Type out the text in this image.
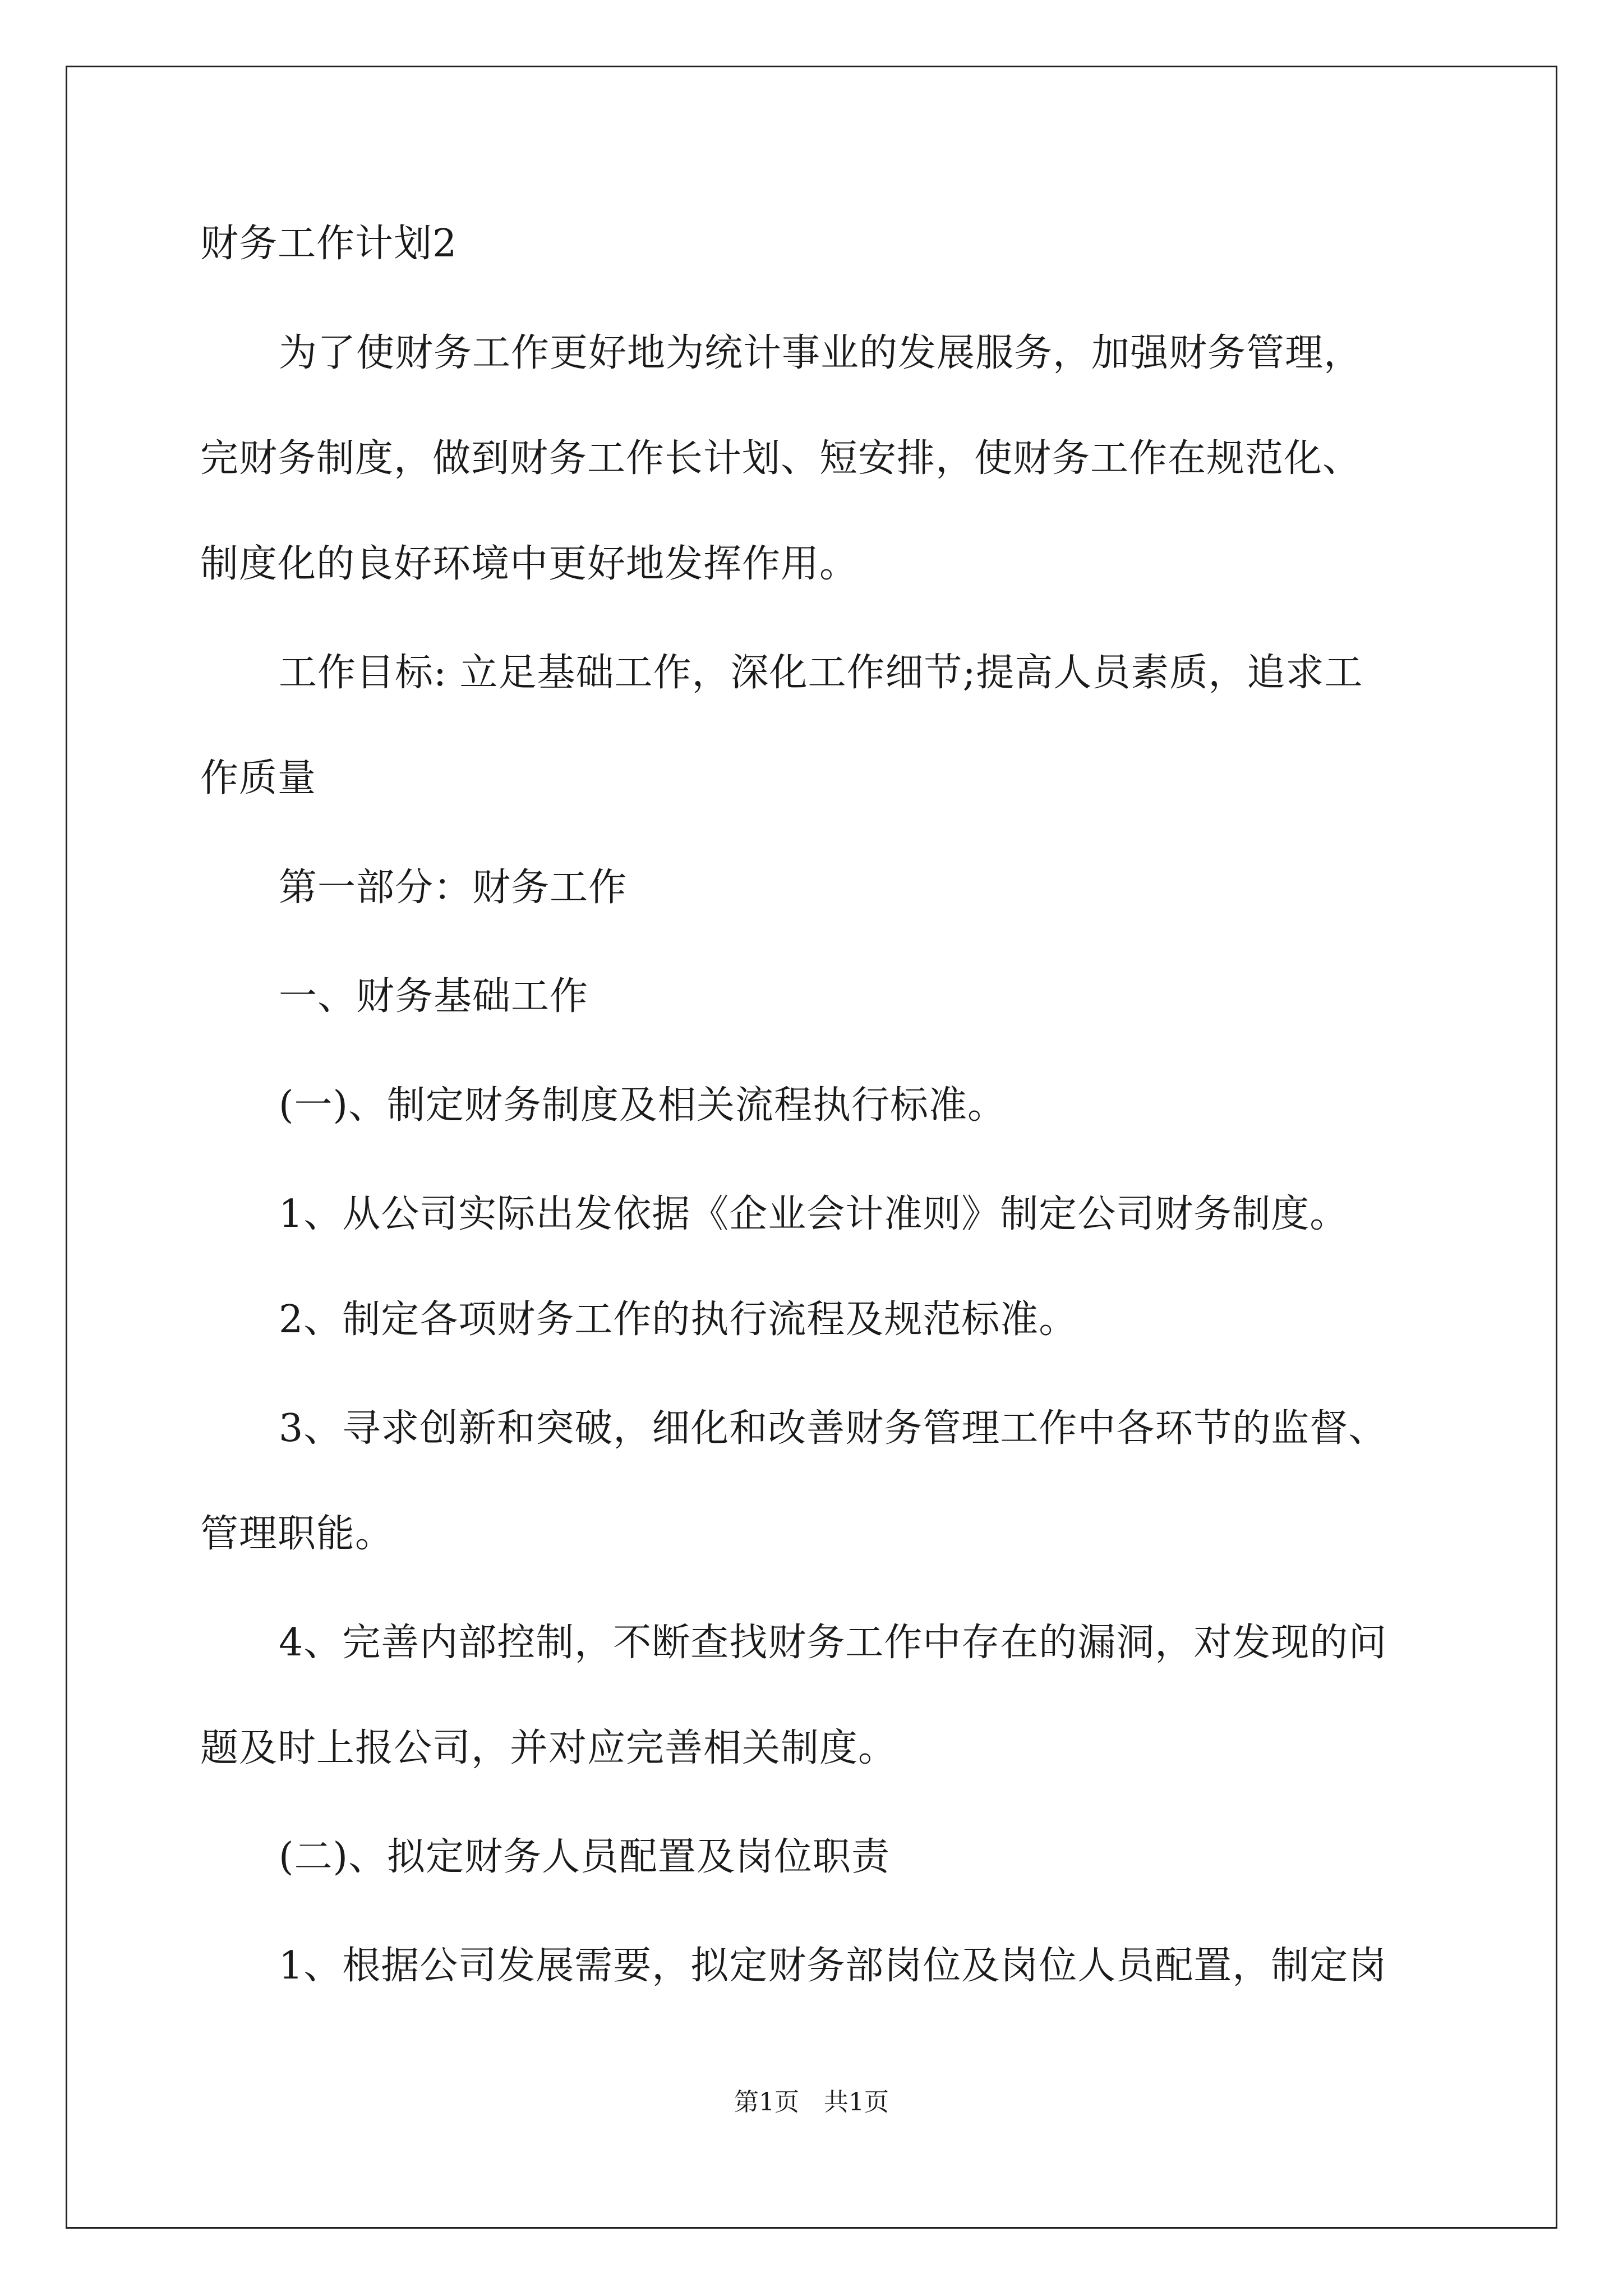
财务工作计划2
为了使财务工作更好地为统计事业的发展服务，加强财务管理，
完财务制度，做到财务工作长计划、短安排，使财务工作在规范化、
制度化的良好环境中更好地发挥作用。
工作目标: 立足基础工作，深化工作细节;提高人员素质，追求工
作质量
第一部分：财务工作
一、财务基础工作
(一)、制定财务制度及相关流程执行标准。
1、从公司实际出发依据《企业会计准则》制定公司财务制度。
2、制定各项财务工作的执行流程及规范标准。
3、寻求创新和突破，细化和改善财务管理工作中各环节的监督、
管理职能。
4、完善内部控制，不断查找财务工作中存在的漏洞，对发现的问
题及时上报公司，并对应完善相关制度。
(二)、拟定财务人员配置及岗位职责
1、根据公司发展需要，拟定财务部岗位及岗位人员配置，制定岗
第1页　共1页
